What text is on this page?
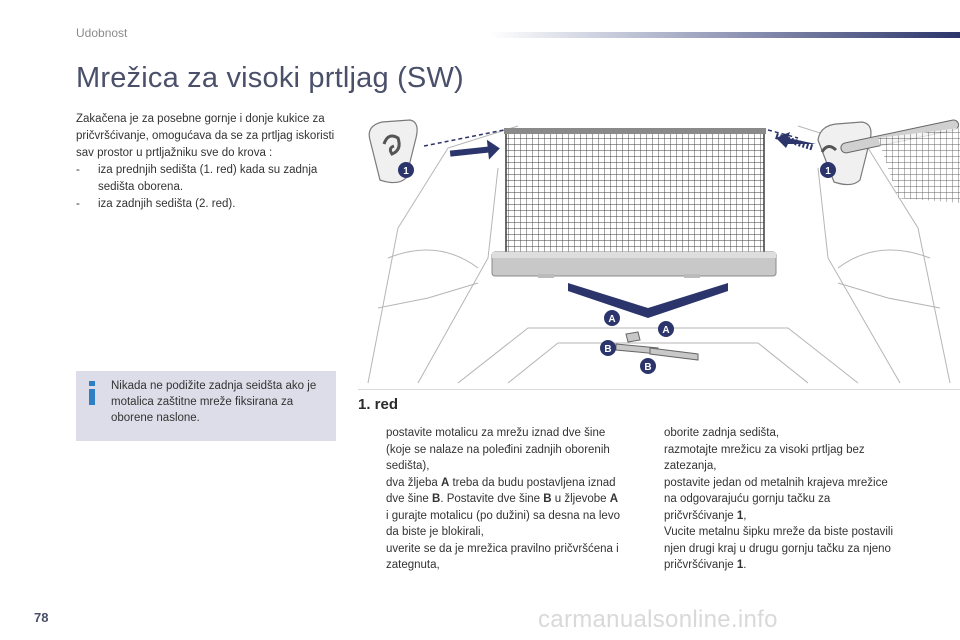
Udobnost
Mrežica za visoki prtljag (SW)

Zakačena je za posebne gornje i donje kukice za pričvršćivanje, omogućava da se za prtljag iskoristi sav prostor u prtljažniku sve do krova :

- iza prednjih sedišta (1. red) kada su zadnja sedišta oborena.
- iza zadnjih sedišta (2. red).
Nikada ne podižite zadnja seidšta ako je motalica zaštitne mreže fiksirana za oborene naslone.
1	1
A
A
B
B
1. red
postavite motalicu za mrežu iznad dve šine (koje se nalaze na poleđini zadnjih oborenih sedišta),
dva žljeba A treba da budu postavljena iznad dve šine B. Postavite dve šine B u žljevobe A i gurajte motalicu (po dužini) sa desna na levo da biste je blokirali,
uverite se da je mrežica pravilno pričvršćena i zategnuta,
oborite zadnja sedišta,
razmotajte mrežicu za visoki prtljag bez zatezanja,
postavite jedan od metalnih krajeva mrežice na odgovarajuću gornju tačku za pričvršćivanje 1,
Vucite metalnu šipku mreže da biste postavili njen drugi kraj u drugu gornju tačku za njeno pričvršćivanje 1.
78	carmanualsonline.info
